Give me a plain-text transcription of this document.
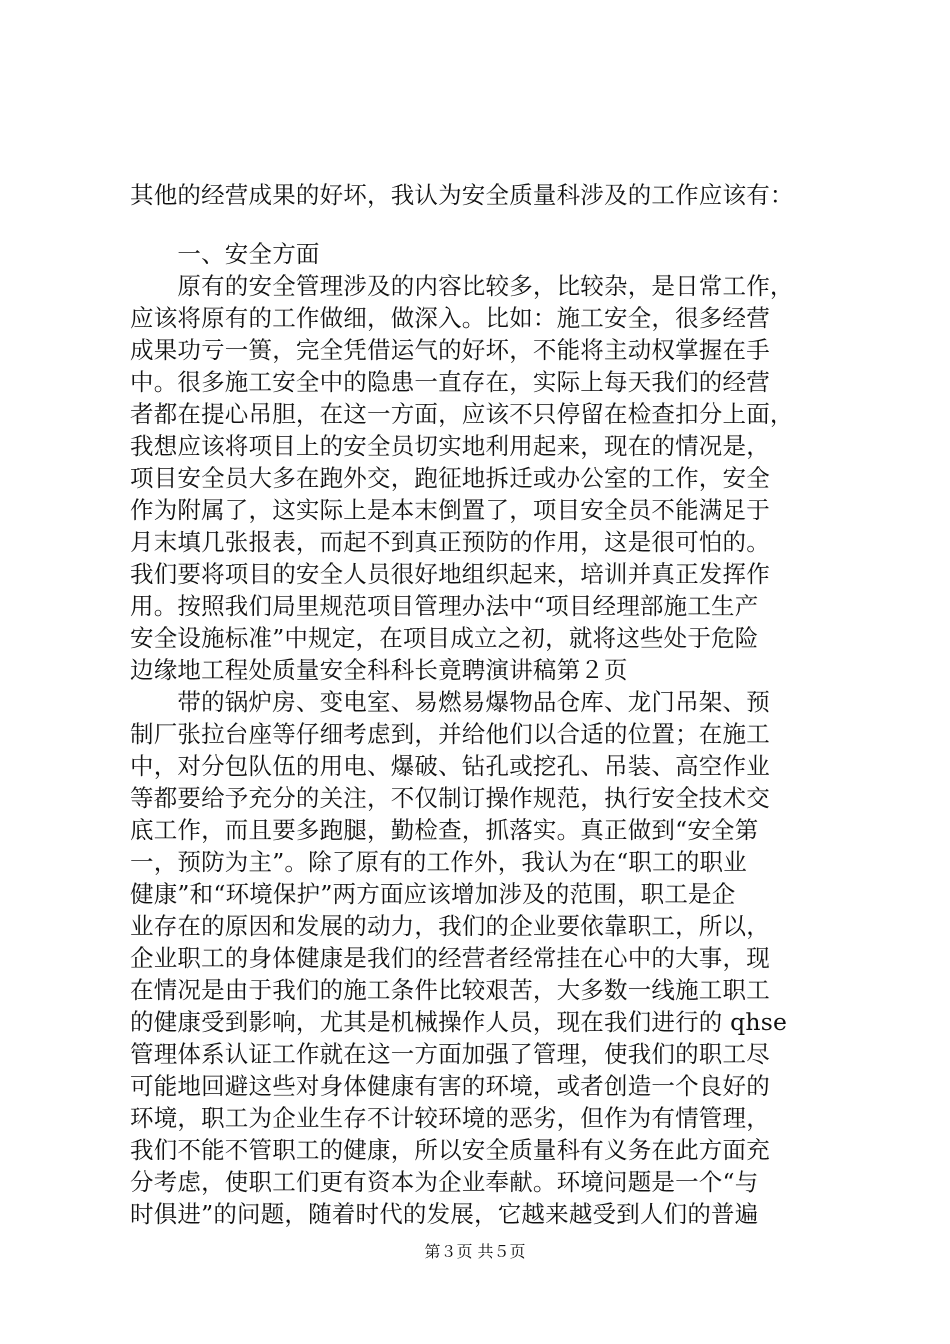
其他的经营成果的好坏，我认为安全质量科涉及的工作应该有：
　　一、安全方面
　　原有的安全管理涉及的内容比较多，比较杂，是日常工作，
应该将原有的工作做细，做深入。比如：施工安全，很多经营
成果功亏一篑，完全凭借运气的好坏，不能将主动权掌握在手
中。很多施工安全中的隐患一直存在，实际上每天我们的经营
者都在提心吊胆，在这一方面，应该不只停留在检查扣分上面，
我想应该将项目上的安全员切实地利用起来，现在的情况是，
项目安全员大多在跑外交，跑征地拆迁或办公室的工作，安全
作为附属了，这实际上是本末倒置了，项目安全员不能满足于
月末填几张报表，而起不到真正预防的作用，这是很可怕的。
我们要将项目的安全人员很好地组织起来，培训并真正发挥作
用。按照我们局里规范项目管理办法中“项目经理部施工生产
安全设施标准”中规定，在项目成立之初，就将这些处于危险
边缘地工程处质量安全科科长竟聘演讲稿第２页
　　带的锅炉房、变电室、易燃易爆物品仓库、龙门吊架、预
制厂张拉台座等仔细考虑到，并给他们以合适的位置；在施工
中，对分包队伍的用电、爆破、钻孔或挖孔、吊装、高空作业
等都要给予充分的关注，不仅制订操作规范，执行安全技术交
底工作，而且要多跑腿，勤检查，抓落实。真正做到“安全第
一，预防为主”。除了原有的工作外，我认为在“职工的职业
健康”和“环境保护”两方面应该增加涉及的范围，职工是企
业存在的原因和发展的动力，我们的企业要依靠职工，所以，
企业职工的身体健康是我们的经营者经常挂在心中的大事，现
在情况是由于我们的施工条件比较艰苦，大多数一线施工职工
的健康受到影响，尤其是机械操作人员，现在我们进行的 qhse
管理体系认证工作就在这一方面加强了管理，使我们的职工尽
可能地回避这些对身体健康有害的环境，或者创造一个良好的
环境，职工为企业生存不计较环境的恶劣，但作为有情管理，
我们不能不管职工的健康，所以安全质量科有义务在此方面充
分考虑，使职工们更有资本为企业奉献。环境问题是一个“与
时俱进”的问题，随着时代的发展，它越来越受到人们的普遍
第３页 共５页
